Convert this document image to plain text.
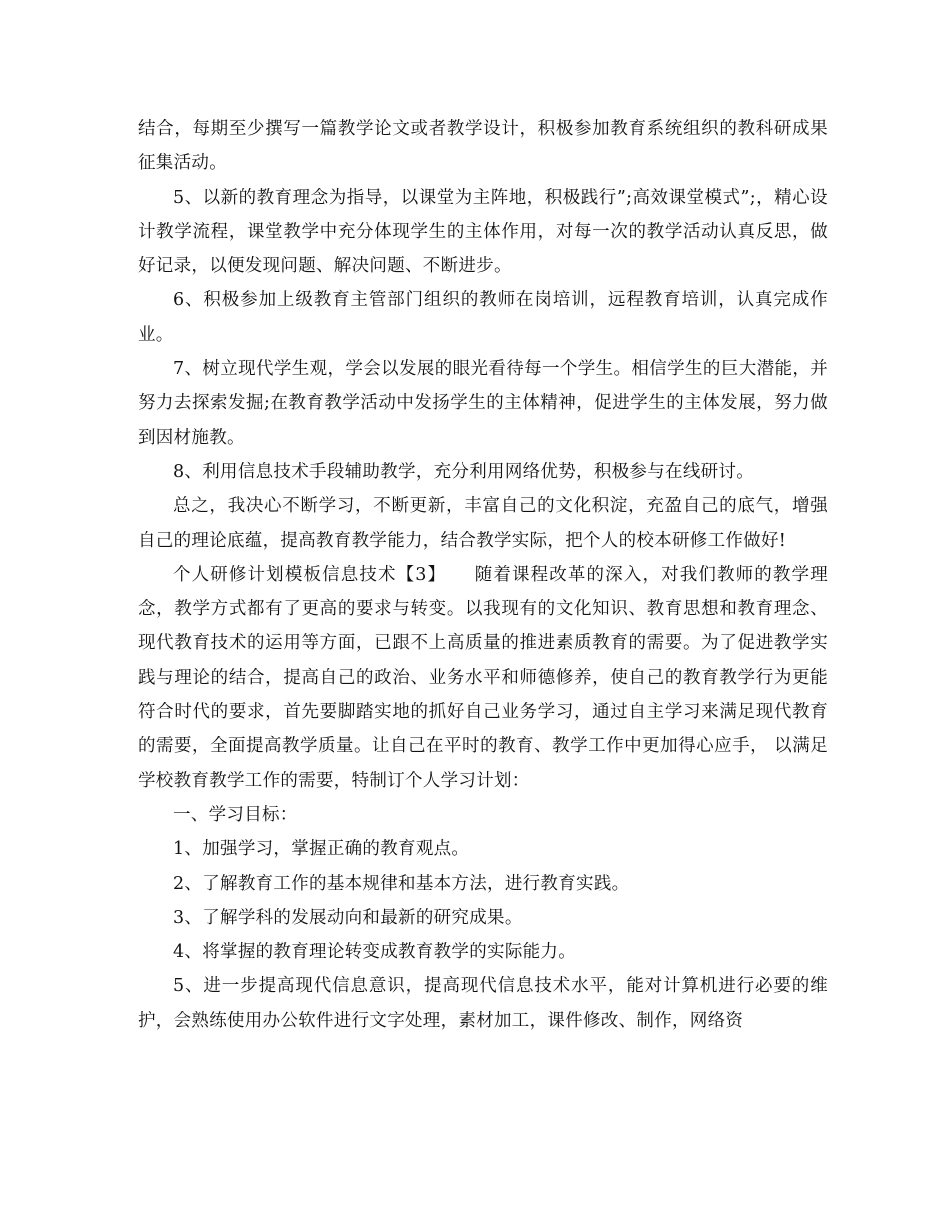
结合，每期至少撰写一篇教学论文或者教学设计，积极参加教育系统组织的教科研成果征集活动。

5、以新的教育理念为指导，以课堂为主阵地，积极践行”;高效课堂模式”;，精心设计教学流程，课堂教学中充分体现学生的主体作用，对每一次的教学活动认真反思，做好记录，以便发现问题、解决问题、不断进步。

6、积极参加上级教育主管部门组织的教师在岗培训，远程教育培训，认真完成作业。

7、树立现代学生观，学会以发展的眼光看待每一个学生。相信学生的巨大潜能，并努力去探索发掘;在教育教学活动中发扬学生的主体精神，促进学生的主体发展，努力做到因材施教。

8、利用信息技术手段辅助教学，充分利用网络优势，积极参与在线研讨。

总之，我决心不断学习，不断更新，丰富自己的文化积淀，充盈自己的底气，增强自己的理论底蕴，提高教育教学能力，结合教学实际，把个人的校本研修工作做好!

个人研修计划模板信息技术【3】　　随着课程改革的深入，对我们教师的教学理念，教学方式都有了更高的要求与转变。以我现有的文化知识、教育思想和教育理念、现代教育技术的运用等方面，已跟不上高质量的推进素质教育的需要。为了促进教学实践与理论的结合，提高自己的政治、业务水平和师德修养，使自己的教育教学行为更能符合时代的要求，首先要脚踏实地的抓好自己业务学习，通过自主学习来满足现代教育的需要，全面提高教学质量。让自己在平时的教育、教学工作中更加得心应手， 以满足学校教育教学工作的需要，特制订个人学习计划：

一、学习目标：

1、加强学习，掌握正确的教育观点。

2、了解教育工作的基本规律和基本方法，进行教育实践。

3、了解学科的发展动向和最新的研究成果。

4、将掌握的教育理论转变成教育教学的实际能力。

5、进一步提高现代信息意识，提高现代信息技术水平，能对计算机进行必要的维护，会熟练使用办公软件进行文字处理，素材加工，课件修改、制作，网络资
